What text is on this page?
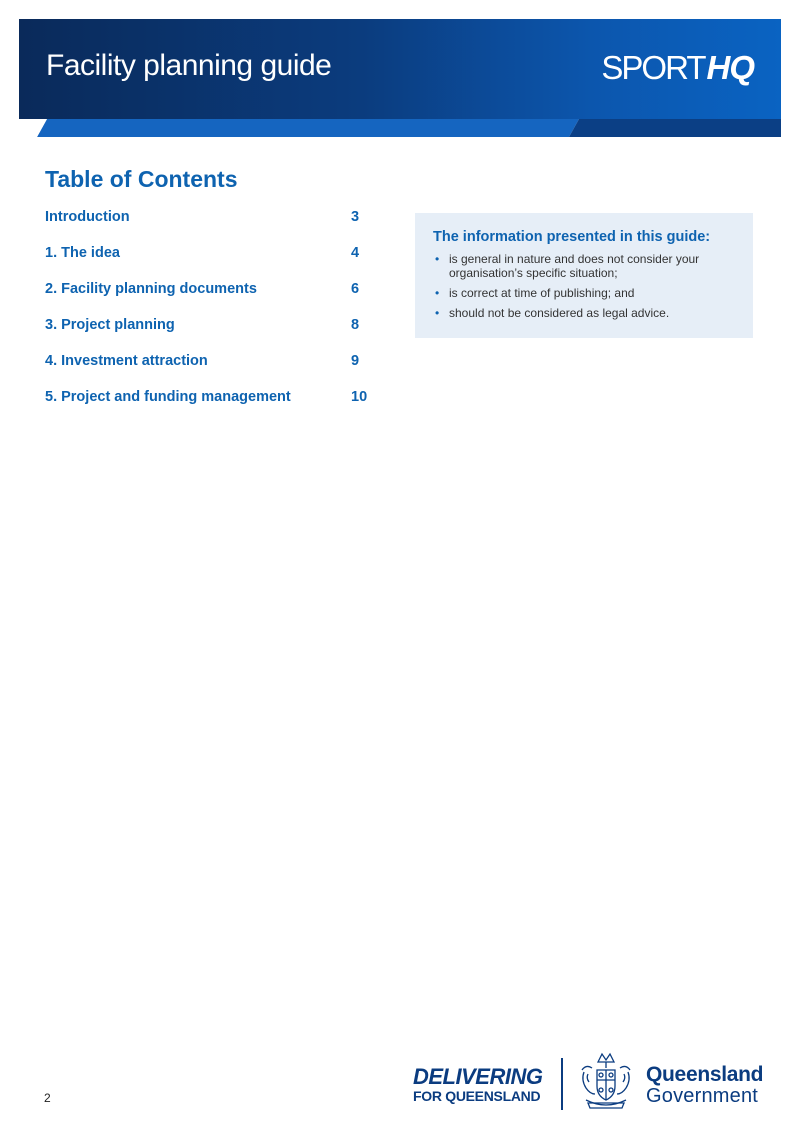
Facility planning guide	SPORT HQ
Table of Contents
Introduction	3
1. The idea	4
2. Facility planning documents	6
3. Project planning	8
4. Investment attraction	9
5. Project and funding management	10

The information presented in this guide:

• is general in nature and does not consider your organisation’s specific situation;
• is correct at time of publishing; and
• should not be considered as legal advice.
2
DELIVERING
FOR QUEENSLAND
Queensland
Government
